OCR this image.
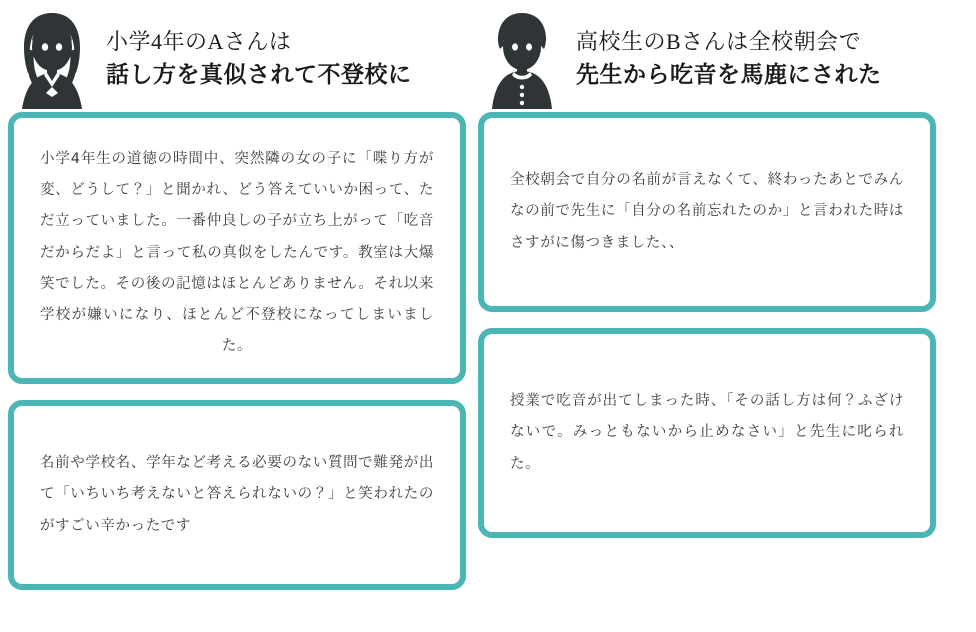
小学4年のAさんは
話し方を真似されて不登校に

小学4年生の道徳の時間中、突然隣の女の子に「喋り方が変、どうして？」と聞かれ、どう答えていいか困って、ただ立っていました。一番仲良しの子が立ち上がって「吃音だからだよ」と言って私の真似をしたんです。教室は大爆笑でした。その後の記憶はほとんどありません。それ以来学校が嫌いになり、ほとんど不登校になってしまいました。

名前や学校名、学年など考える必要のない質問で難発が出て「いちいち考えないと答えられないの？」と笑われたのがすごい辛かったです

高校生のBさんは全校朝会で
先生から吃音を馬鹿にされた

全校朝会で自分の名前が言えなくて、終わったあとでみんなの前で先生に「自分の名前忘れたのか」と言われた時はさすがに傷つきました、、

授業で吃音が出てしまった時、「その話し方は何？ふざけないで。みっともないから止めなさい」と先生に叱られた。
